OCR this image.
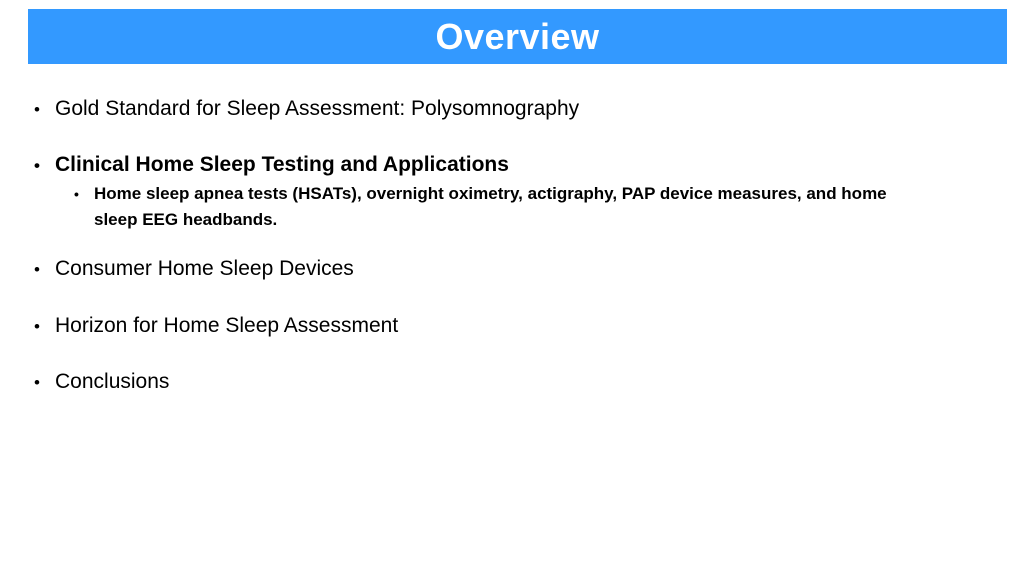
Overview
• Gold Standard for Sleep Assessment: Polysomnography
• Clinical Home Sleep Testing and Applications
• Home sleep apnea tests (HSATs), overnight oximetry, actigraphy, PAP device measures, and home sleep EEG headbands.
• Consumer Home Sleep Devices
• Horizon for Home Sleep Assessment
• Conclusions
